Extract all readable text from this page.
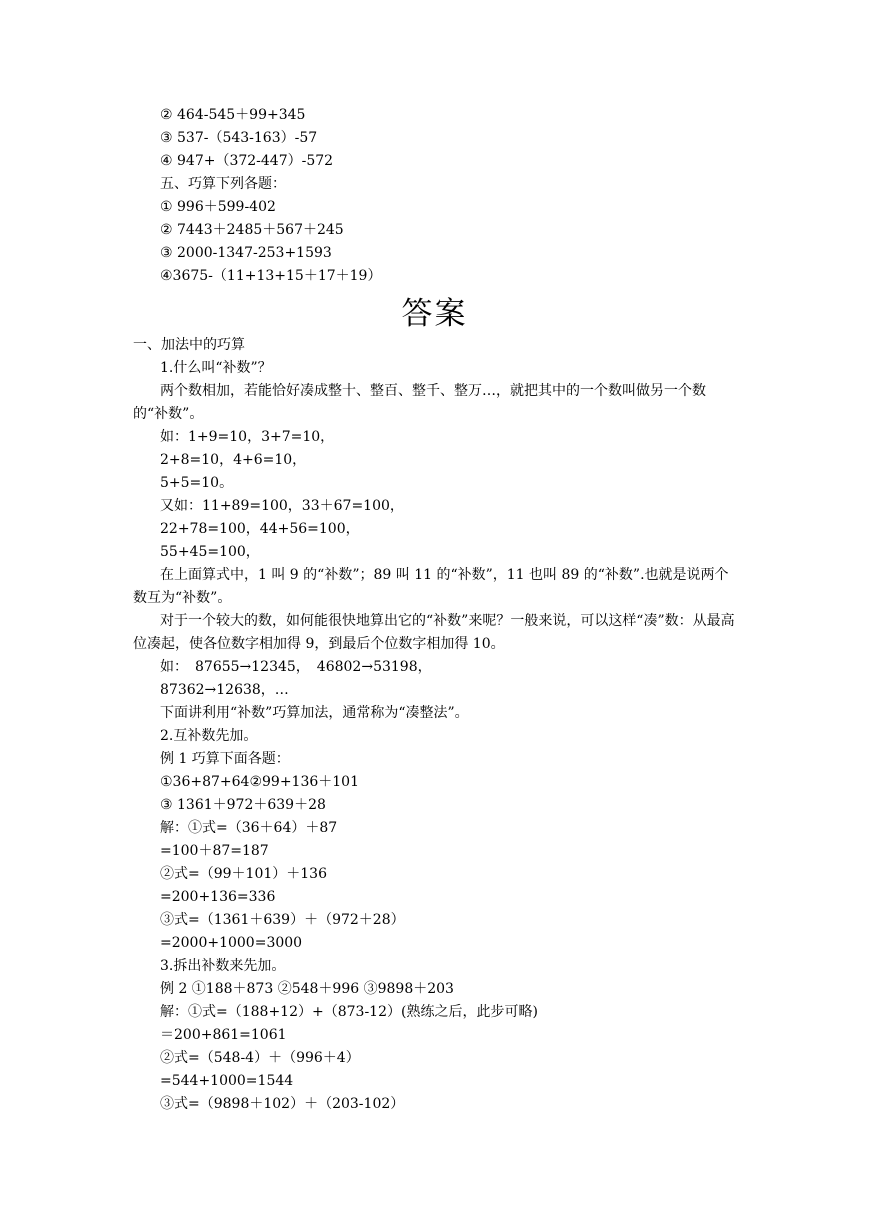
② 464-545＋99+345
③ 537-（543-163）-57
④ 947+（372-447）-572
五、巧算下列各题：
① 996＋599-402
② 7443＋2485＋567＋245
③ 2000-1347-253+1593
④3675-（11+13+15＋17＋19）
答案
一、加法中的巧算
1.什么叫“补数”？
两个数相加，若能恰好凑成整十、整百、整千、整万…，就把其中的一个数叫做另一个数的“补数”。
如：1+9=10，3+7=10，
2+8=10，4+6=10，
5+5=10。
又如：11+89=100，33＋67=100，
22+78=100，44+56=100，
55+45=100，
在上面算式中，1 叫 9 的“补数”；89 叫 11 的“补数”，11 也叫 89 的“补数”.也就是说两个数互为“补数”。
对于一个较大的数，如何能很快地算出它的“补数”来呢？一般来说，可以这样“凑”数：从最高位凑起，使各位数字相加得 9，到最后个位数字相加得 10。
如：　87655→12345，　46802→53198，
87362→12638，…
下面讲利用“补数”巧算加法，通常称为“凑整法”。
2.互补数先加。
例 1 巧算下面各题：
①36+87+64②99+136＋101
③ 1361＋972＋639＋28
解：①式=（36＋64）＋87
=100＋87=187
②式=（99＋101）＋136
=200+136=336
③式=（1361＋639）＋（972＋28）
=2000+1000=3000
3.拆出补数来先加。
例 2 ①188＋873 ②548＋996 ③9898＋203
解：①式=（188+12）+（873-12）(熟练之后，此步可略)
＝200+861=1061
②式=（548-4）＋（996＋4）
=544+1000=1544
③式=（9898＋102）＋（203-102）
